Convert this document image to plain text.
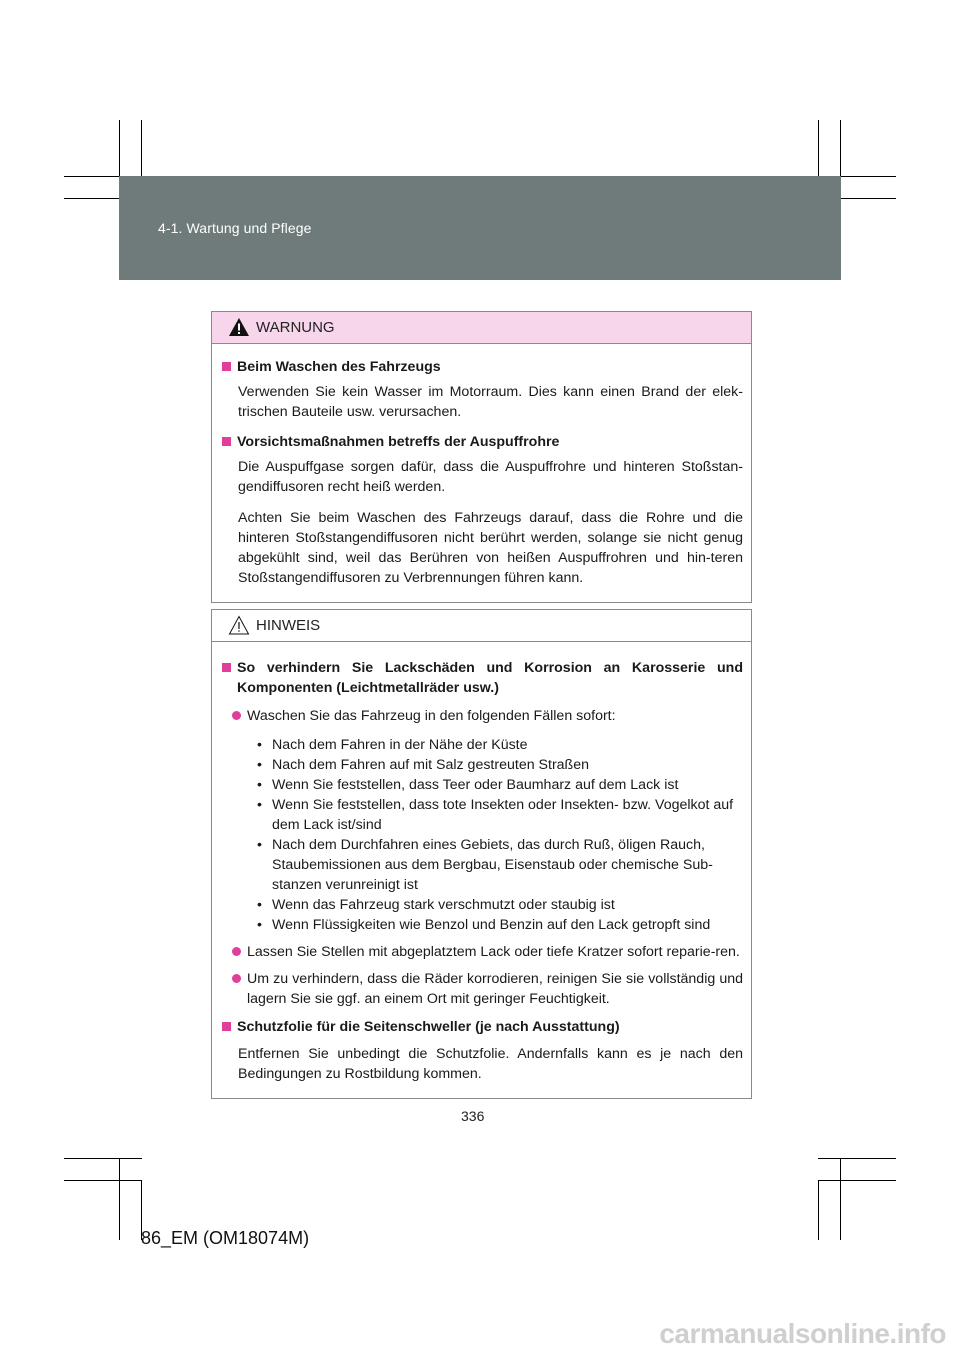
4-1. Wartung und Pflege
WARNUNG
Beim Waschen des Fahrzeugs
Verwenden Sie kein Wasser im Motorraum. Dies kann einen Brand der elek-trischen Bauteile usw. verursachen.
Vorsichtsmaßnahmen betreffs der Auspuffrohre
Die Auspuffgase sorgen dafür, dass die Auspuffrohre und hinteren Stoßstan-gendiffusoren recht heiß werden.
Achten Sie beim Waschen des Fahrzeugs darauf, dass die Rohre und die hinteren Stoßstangendiffusoren nicht berührt werden, solange sie nicht genug abgekühlt sind, weil das Berühren von heißen Auspuffrohren und hin-teren Stoßstangendiffusoren zu Verbrennungen führen kann.
HINWEIS
So verhindern Sie Lackschäden und Korrosion an Karosserie und Komponenten (Leichtmetallräder usw.)
Waschen Sie das Fahrzeug in den folgenden Fällen sofort:
• Nach dem Fahren in der Nähe der Küste
• Nach dem Fahren auf mit Salz gestreuten Straßen
• Wenn Sie feststellen, dass Teer oder Baumharz auf dem Lack ist
• Wenn Sie feststellen, dass tote Insekten oder Insekten- bzw. Vogelkot auf dem Lack ist/sind
• Nach dem Durchfahren eines Gebiets, das durch Ruß, öligen Rauch, Staubemissionen aus dem Bergbau, Eisenstaub oder chemische Sub-stanzen verunreinigt ist
• Wenn das Fahrzeug stark verschmutzt oder staubig ist
• Wenn Flüssigkeiten wie Benzol und Benzin auf den Lack getropft sind
Lassen Sie Stellen mit abgeplatztem Lack oder tiefe Kratzer sofort reparie-ren.
Um zu verhindern, dass die Räder korrodieren, reinigen Sie sie vollständig und lagern Sie sie ggf. an einem Ort mit geringer Feuchtigkeit.
Schutzfolie für die Seitenschweller (je nach Ausstattung)
Entfernen Sie unbedingt die Schutzfolie. Andernfalls kann es je nach den Bedingungen zu Rostbildung kommen.
336
86_EM (OM18074M)
carmanualsonline.info
